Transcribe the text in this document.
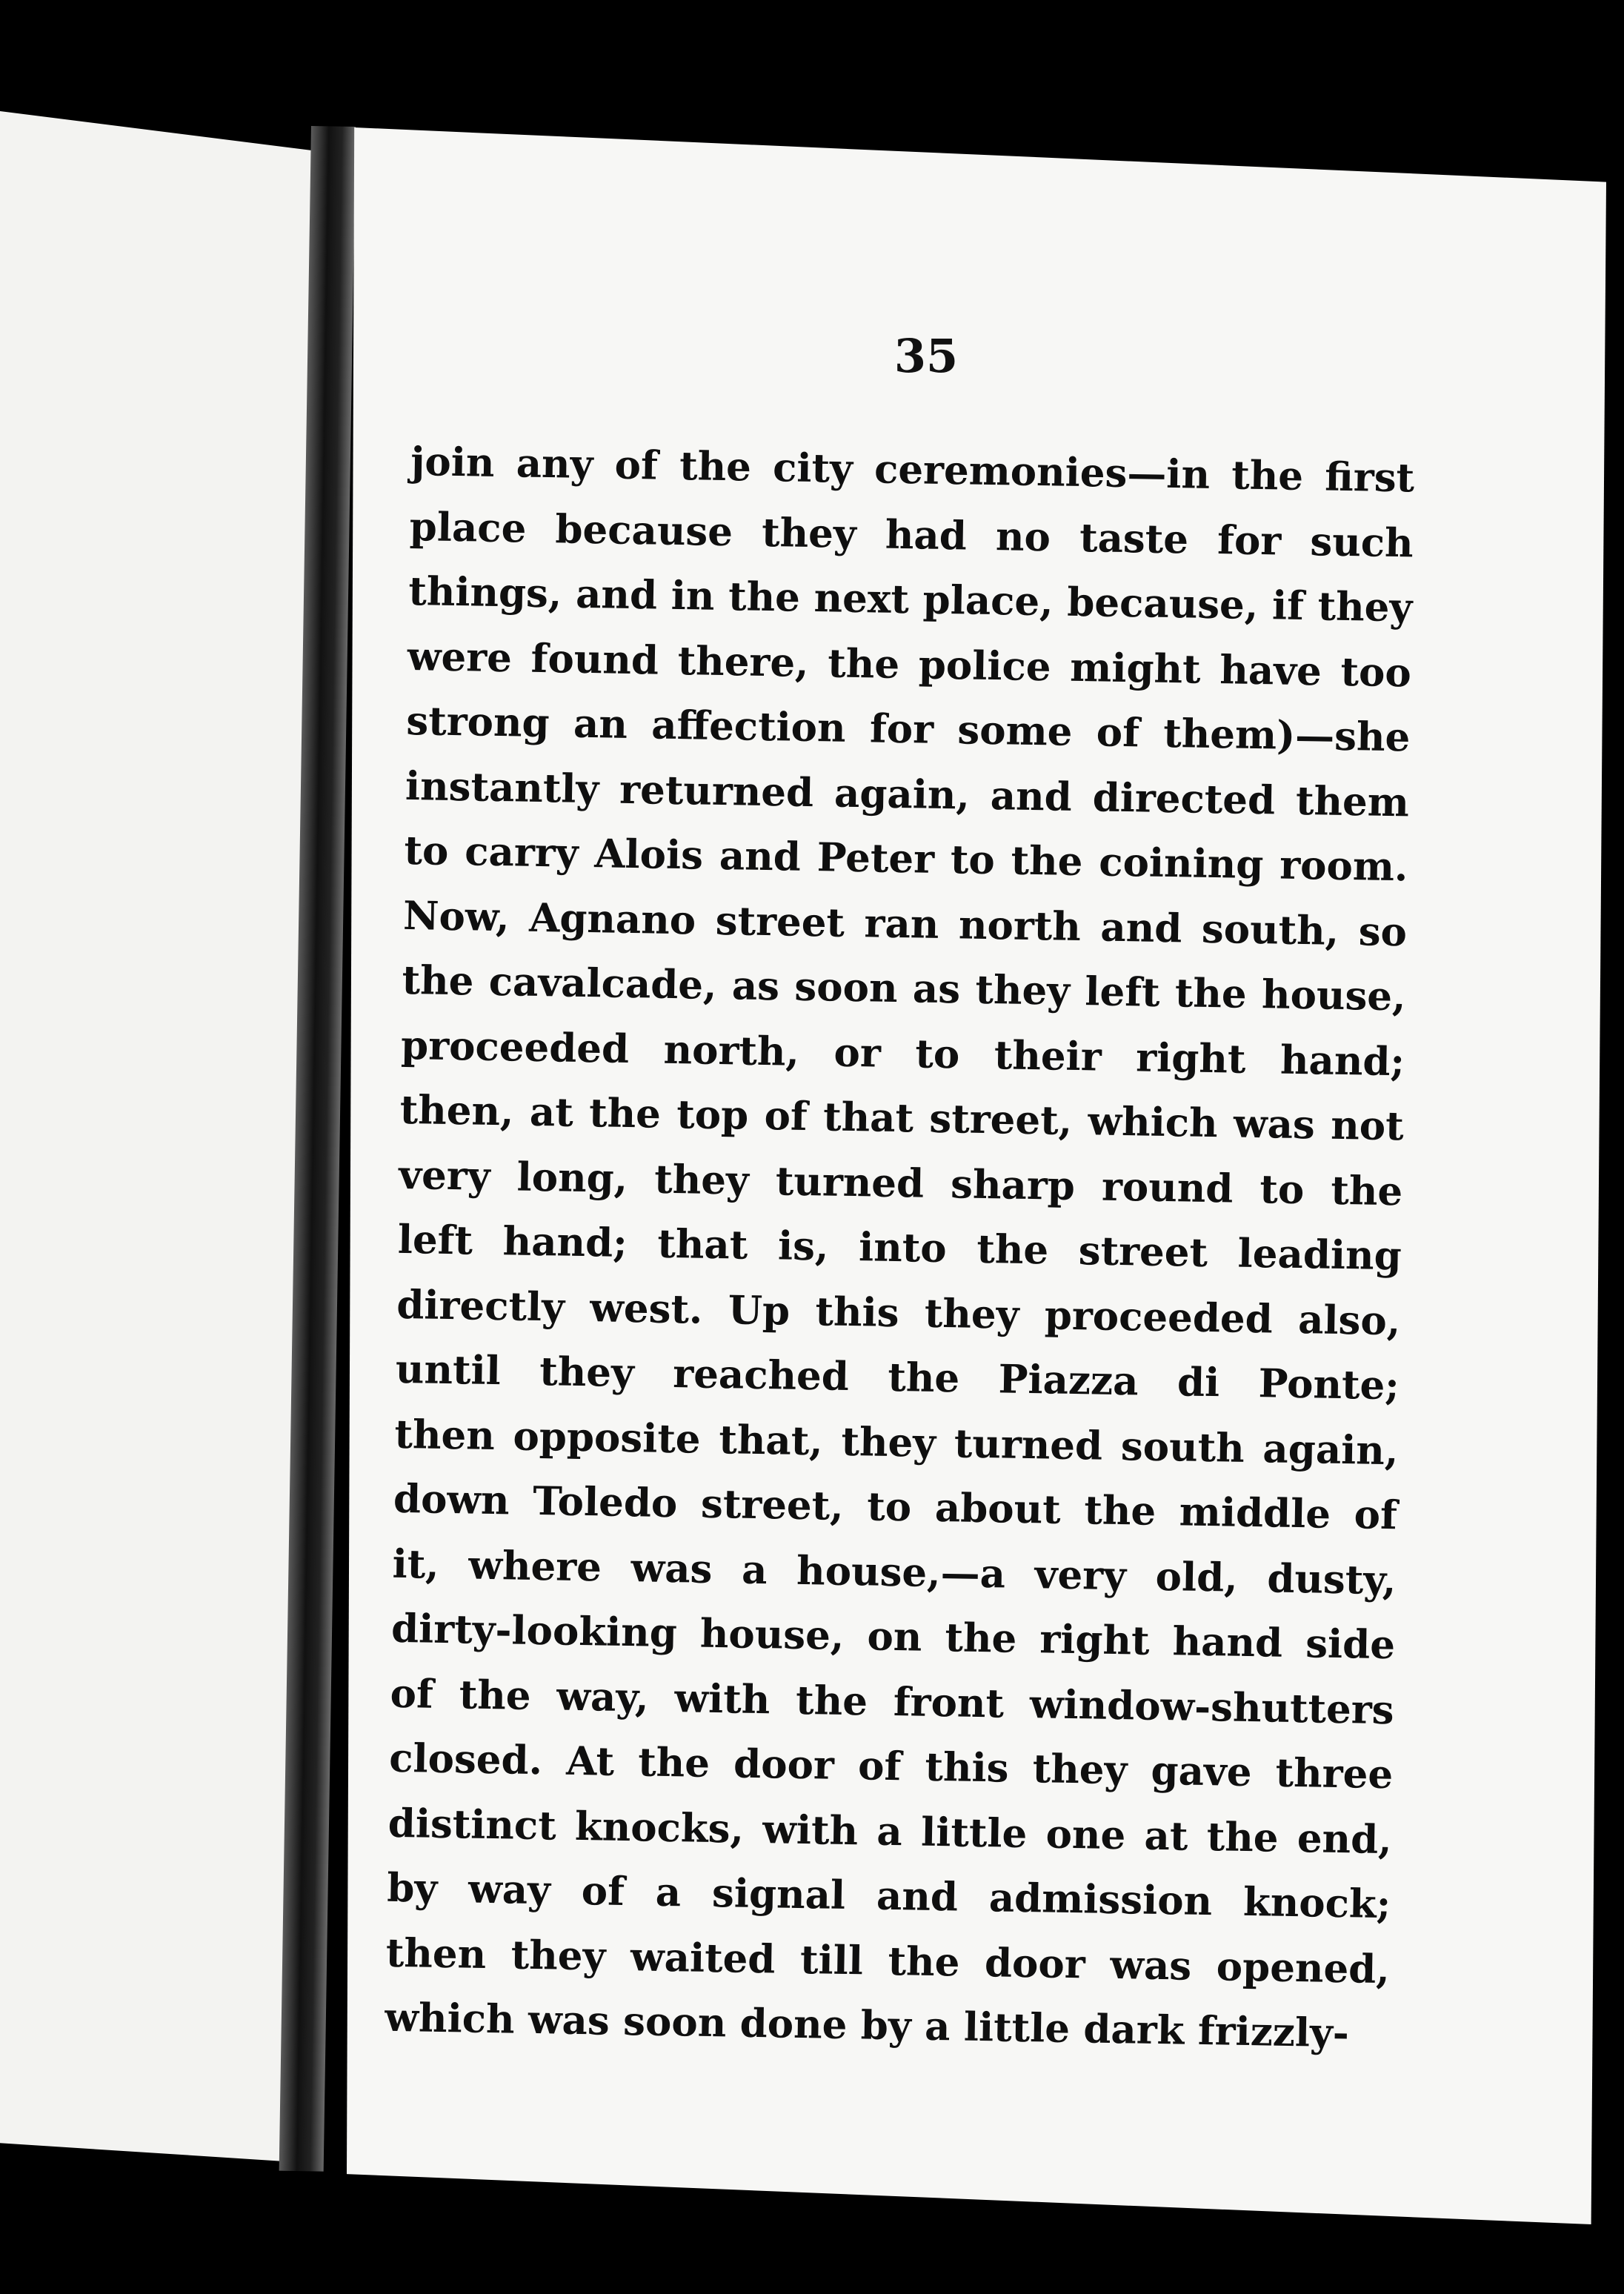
35
join any of the city ceremonies—in the first
place because they had no taste for such
things, and in the next place, because, if they
were found there, the police might have too
strong an affection for some of them)—she
instantly returned again, and directed them
to carry Alois and Peter to the coining room.
Now, Agnano street ran north and south, so
the cavalcade, as soon as they left the house,
proceeded north, or to their right hand;
then, at the top of that street, which was not
very long, they turned sharp round to the
left hand; that is, into the street leading
directly west. Up this they proceeded also,
until they reached the Piazza di Ponte;
then opposite that, they turned south again,
down Toledo street, to about the middle of
it, where was a house,—a very old, dusty,
dirty-looking house, on the right hand side
of the way, with the front window-shutters
closed. At the door of this they gave three
distinct knocks, with a little one at the end,
by way of a signal and admission knock;
then they waited till the door was opened,
which was soon done by a little dark frizzly-
